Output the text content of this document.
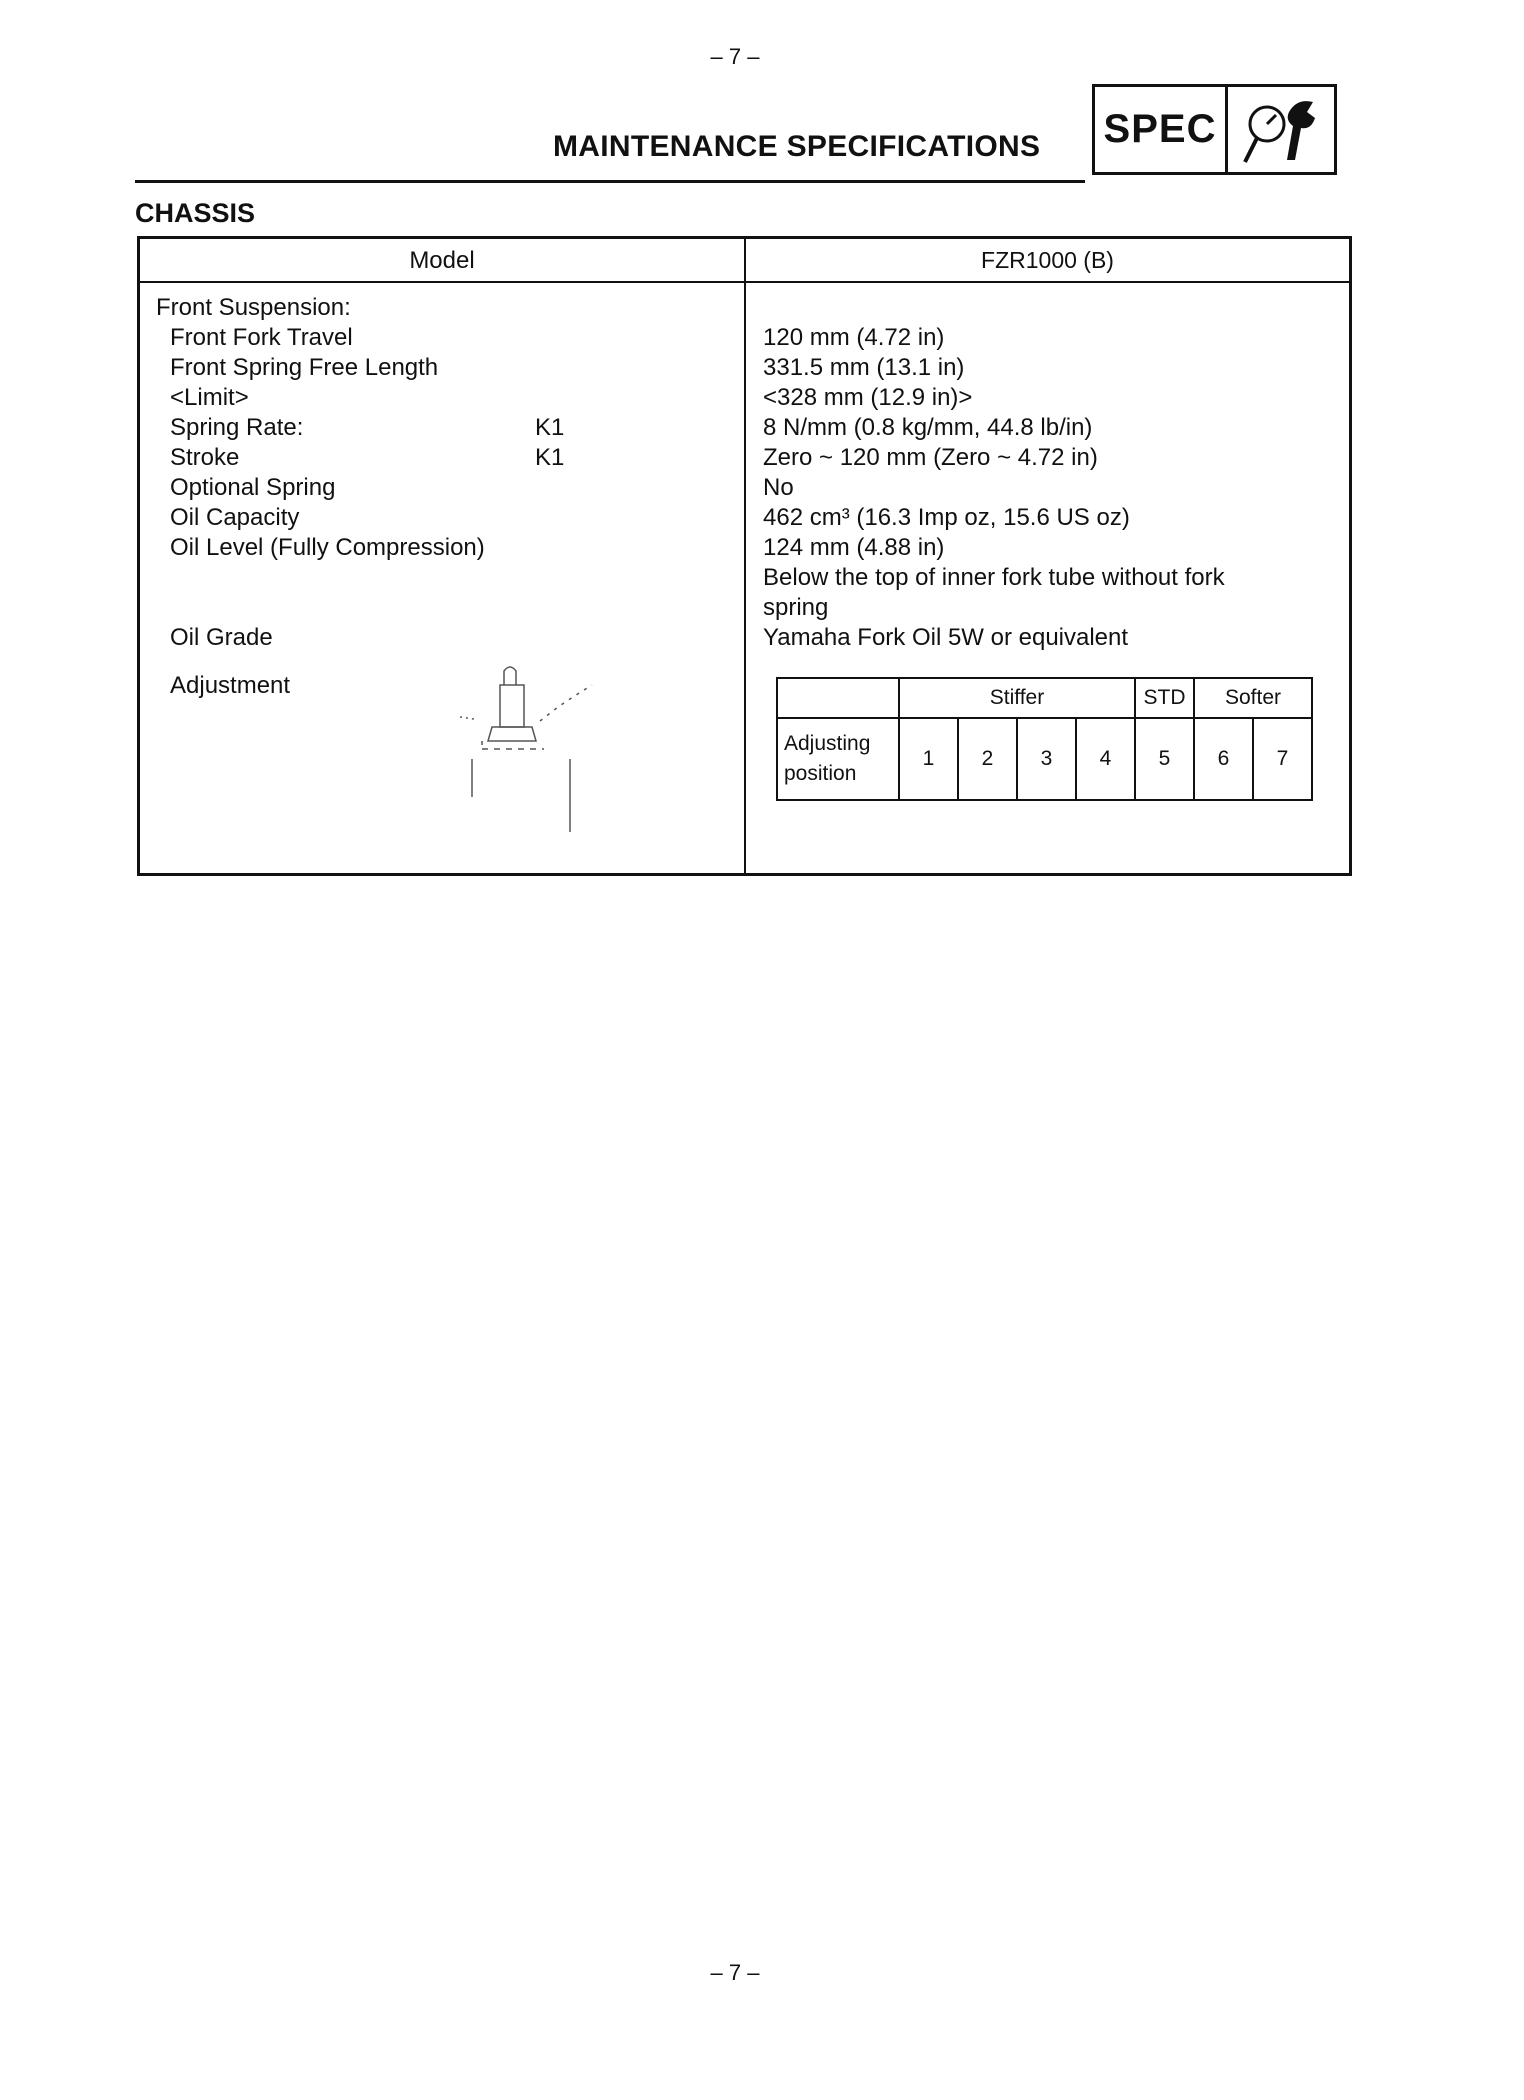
– 7 –
MAINTENANCE SPECIFICATIONS SPEC
CHASSIS
Model	FZR1000 (B)
Front Suspension:
Front Fork Travel	120 mm (4.72 in)
Front Spring Free Length	331.5 mm (13.1 in)
<Limit>	<328 mm (12.9 in)>
Spring Rate:	K1	8 N/mm (0.8 kg/mm, 44.8 lb/in)
Stroke	K1	Zero ~ 120 mm (Zero ~ 4.72 in)
Optional Spring	No
Oil Capacity	462 cm³ (16.3 Imp oz, 15.6 US oz)
Oil Level (Fully Compression)	124 mm (4.88 in)
Below the top of inner fork tube without fork
spring
Oil Grade	Yamaha Fork Oil 5W or equivalent
Adjustment
		Stiffer				STD	Softer	
Adjusting position	1	2	3	4	5	6	7
– 7 –
